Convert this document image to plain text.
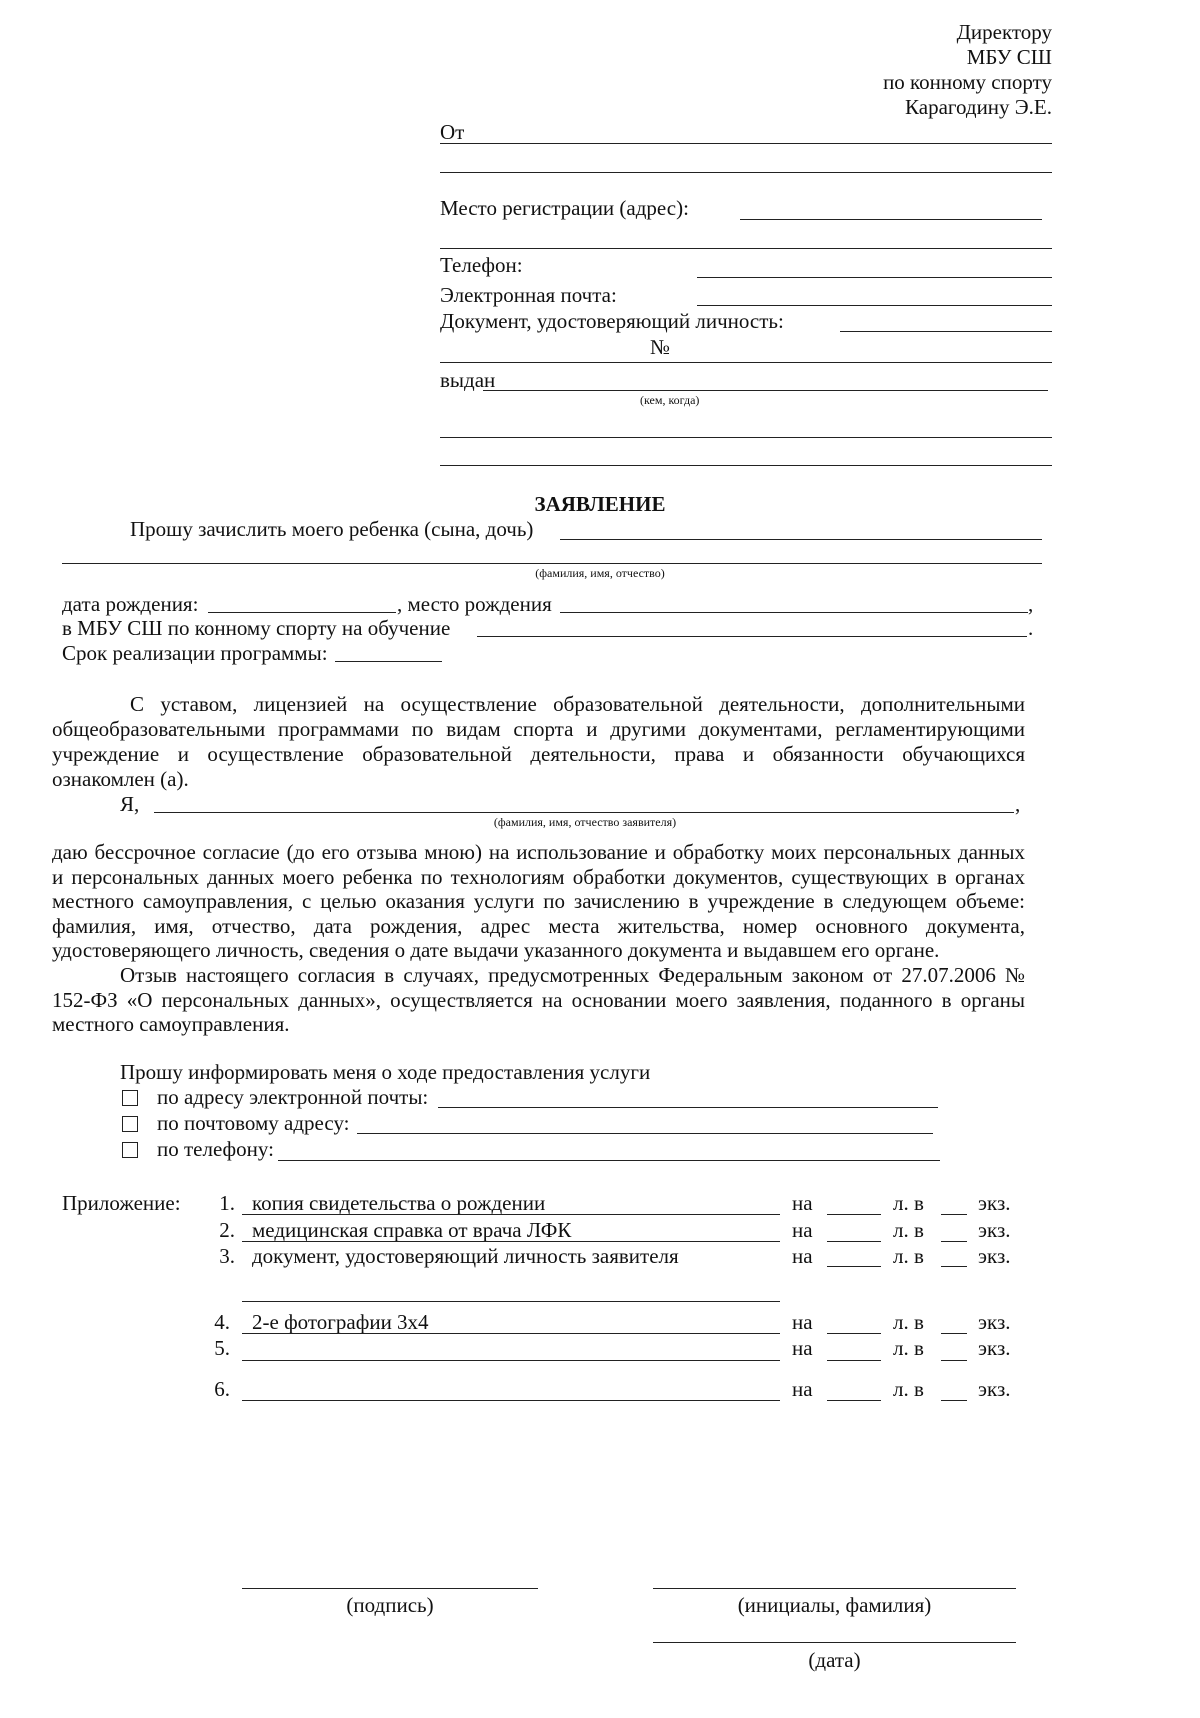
Директору
МБУ СШ
по конному спорту
Карагодину Э.Е.
От
Место регистрации (адрес):
Телефон:
Электронная почта:
Документ, удостоверяющий личность:
№
выдан
(кем, когда)
ЗАЯВЛЕНИЕ
Прошу зачислить моего ребенка (сына, дочь)
(фамилия, имя, отчество)
дата рождения:	, место рождения	,
в МБУ СШ по конному спорту на обучение	.
Срок реализации программы:
С уставом, лицензией на осуществление образовательной деятельности, дополнительными
общеобразовательными программами по видам спорта и другими документами, регламентирующими
учреждение и осуществление образовательной деятельности, права и обязанности обучающихся
ознакомлен (а).
Я,	,
(фамилия, имя, отчество заявителя)
даю бессрочное согласие (до его отзыва мною) на использование и обработку моих персональных данных
и персональных данных моего ребенка по технологиям обработки документов, существующих в органах
местного самоуправления, с целью оказания услуги по зачислению в учреждение в следующем объеме:
фамилия, имя, отчество, дата рождения, адрес места жительства, номер основного документа,
удостоверяющего личность, сведения о дате выдачи указанного документа и выдавшем его органе.
Отзыв настоящего согласия в случаях, предусмотренных Федеральным законом от 27.07.2006 №
152-ФЗ «О персональных данных», осуществляется на основании моего заявления, поданного в органы
местного самоуправления.
Прошу информировать меня о ходе предоставления услуги
по адресу электронной почты:
по почтовому адресу:
по телефону:
Приложение:	1. копия свидетельства о рождении	на	л. в	экз.
2. медицинская справка от врача ЛФК	на	л. в	экз.
3. документ, удостоверяющий личность заявителя	на	л. в	экз.
4. 2-е фотографии 3х4	на	л. в	экз.
5.	на	л. в	экз.
6.	на	л. в	экз.
(подпись)	(инициалы, фамилия)
(дата)
